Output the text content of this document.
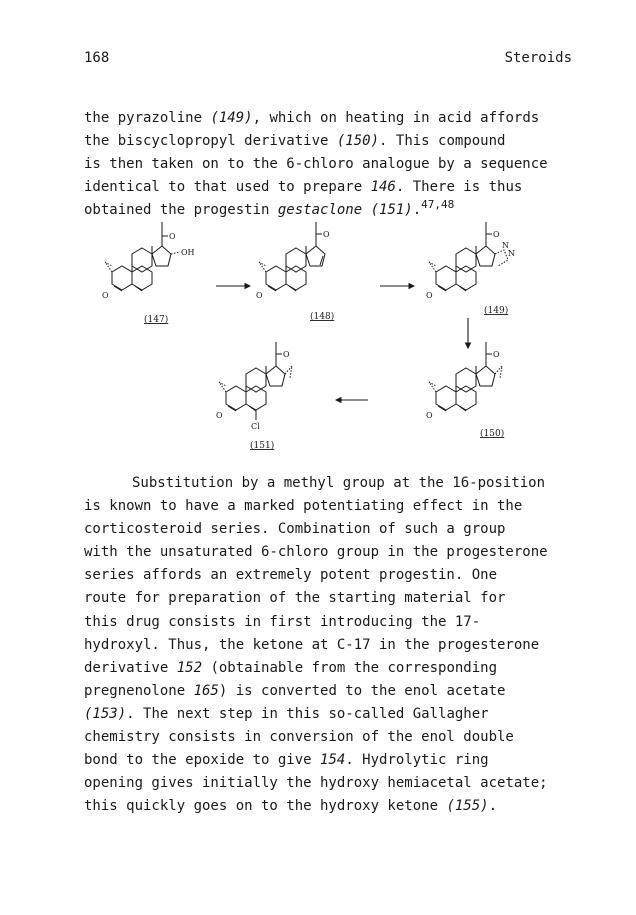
168	Steroids
the pyrazoline (149), which on heating in acid affords
the biscyclopropyl derivative (150). This compound
is then taken on to the 6-chloro analogue by a sequence
identical to that used to prepare 146. There is thus
obtained the progestin gestaclone (151).$^{47,48}$
O
O
OH
(147)
O
O
(148)
O
O
N
N
(149)
O
O
(150)
O
O
Cl
(151)
Substitution by a methyl group at the 16-position
is known to have a marked potentiating effect in the
corticosteroid series. Combination of such a group
with the unsaturated 6-chloro group in the progesterone
series affords an extremely potent progestin. One
route for preparation of the starting material for
this drug consists in first introducing the 17-
hydroxyl. Thus, the ketone at C-17 in the progesterone
derivative 152 (obtainable from the corresponding
pregnenolone 165) is converted to the enol acetate
(153). The next step in this so-called Gallagher
chemistry consists in conversion of the enol double
bond to the epoxide to give 154. Hydrolytic ring
opening gives initially the hydroxy hemiacetal acetate;
this quickly goes on to the hydroxy ketone (155).
